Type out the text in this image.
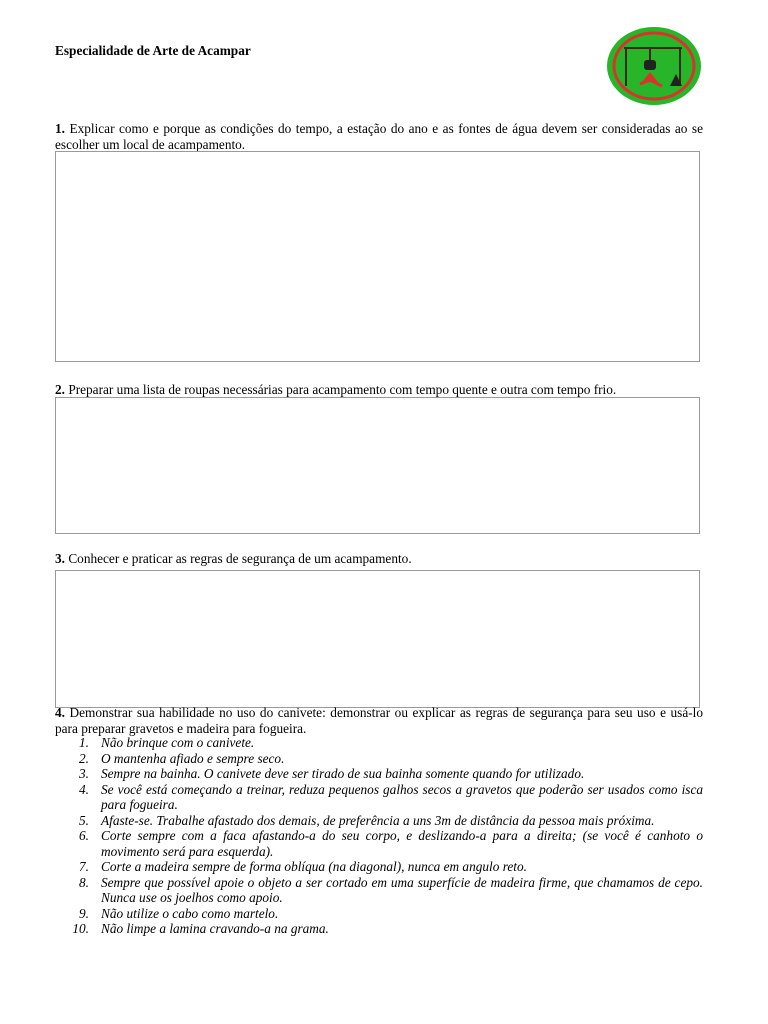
Especialidade de Arte de Acampar
1. Explicar como e porque as condições do tempo, a estação do ano e as fontes de água devem ser consideradas ao se escolher um local de acampamento.
2. Preparar uma lista de roupas necessárias para acampamento com tempo quente e outra com tempo frio.
3. Conhecer e praticar as regras de segurança de um acampamento.
4. Demonstrar sua habilidade no uso do canivete: demonstrar ou explicar as regras de segurança para seu uso e usá-lo para preparar gravetos e madeira para fogueira.
1. Não brinque com o canivete.
2. O mantenha afiado e sempre seco.
3. Sempre na bainha. O canivete deve ser tirado de sua bainha somente quando for utilizado.
4. Se você está começando a treinar, reduza pequenos galhos secos a gravetos que poderão ser usados como isca para fogueira.
5. Afaste-se. Trabalhe afastado dos demais, de preferência a uns 3m de distância da pessoa mais próxima.
6. Corte sempre com a faca afastando-a do seu corpo, e deslizando-a para a direita; (se você é canhoto o movimento será para esquerda).
7. Corte a madeira sempre de forma oblíqua (na diagonal), nunca em angulo reto.
8. Sempre que possível apoie o objeto a ser cortado em uma superfície de madeira firme, que chamamos de cepo. Nunca use os joelhos como apoio.
9. Não utilize o cabo como martelo.
10. Não limpe a lamina cravando-a na grama.
